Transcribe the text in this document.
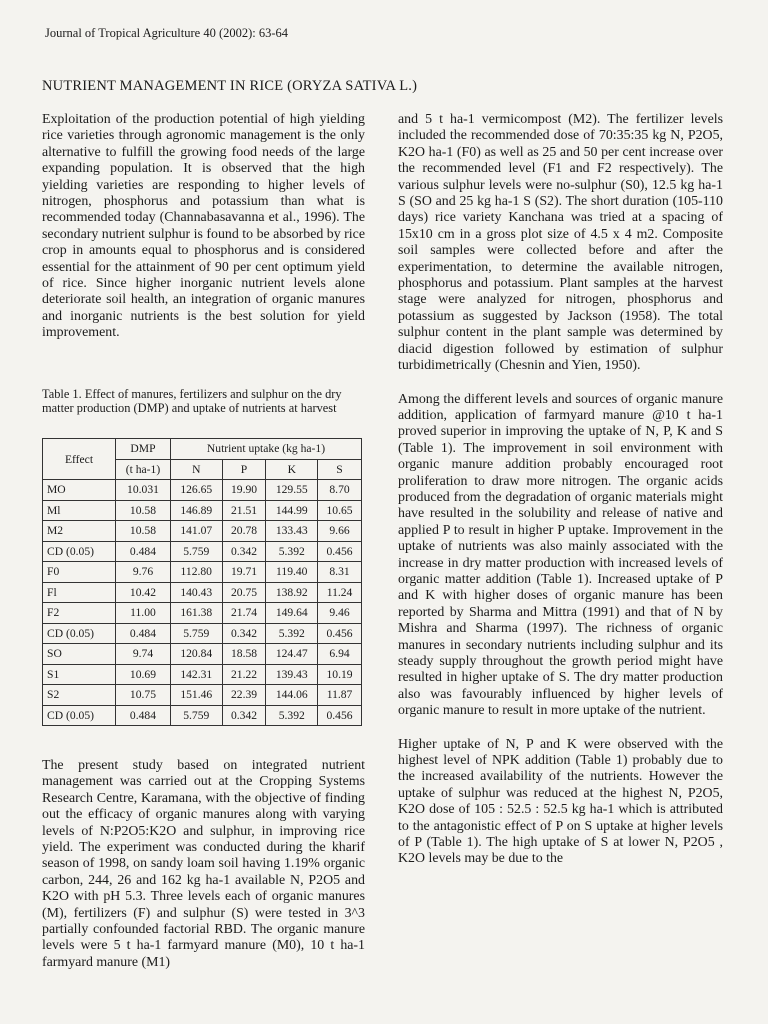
Journal of Tropical Agriculture 40 (2002): 63-64
NUTRIENT MANAGEMENT IN RICE (ORYZA SATIVA L.)

Exploitation of the production potential of high yielding rice varieties through agronomic management is the only alternative to fulfill the growing food needs of the large expanding population. It is observed that the high yielding varieties are responding to higher levels of nitrogen, phosphorus and potassium than what is recommended today (Channabasavanna et al., 1996). The secondary nutrient sulphur is found to be absorbed by rice crop in amounts equal to phosphorus and is considered essential for the attainment of 90 per cent optimum yield of rice. Since higher inorganic nutrient levels alone deteriorate soil health, an integration of organic manures and inorganic nutrients is the best solution for yield improvement.

Table 1. Effect of manures, fertilizers and sulphur on the dry matter production (DMP) and uptake of nutrients at harvest
Effect	DMP	Nutrient uptake (kg ha-1)			
	(t ha-1)	N	P	K	S
MO	10.031	126.65	19.90	129.55	8.70
Ml	10.58	146.89	21.51	144.99	10.65
M2	10.58	141.07	20.78	133.43	9.66
CD (0.05)	0.484	5.759	0.342	5.392	0.456
F0	9.76	112.80	19.71	119.40	8.31
Fl	10.42	140.43	20.75	138.92	11.24
F2	11.00	161.38	21.74	149.64	9.46
CD (0.05)	0.484	5.759	0.342	5.392	0.456
SO	9.74	120.84	18.58	124.47	6.94
S1	10.69	142.31	21.22	139.43	10.19
S2	10.75	151.46	22.39	144.06	11.87
CD (0.05)	0.484	5.759	0.342	5.392	0.456

The present study based on integrated nutrient management was carried out at the Cropping Systems Research Centre, Karamana, with the objective of finding out the efficacy of organic manures along with varying levels of N:P2O5:K2O and sulphur, in improving rice yield. The experiment was conducted during the kharif season of 1998, on sandy loam soil having 1.19% organic carbon, 244, 26 and 162 kg ha-1 available N, P2O5 and K2O with pH 5.3. Three levels each of organic manures (M), fertilizers (F) and sulphur (S) were tested in 3^3 partially confounded factorial RBD. The organic manure levels were 5 t ha-1 farmyard manure (M0), 10 t ha-1 farmyard manure (M1)

and 5 t ha-1 vermicompost (M2). The fertilizer levels included the recommended dose of 70:35:35 kg N, P2O5, K2O ha-1 (F0) as well as 25 and 50 per cent increase over the recommended level (F1 and F2 respectively). The various sulphur levels were no-sulphur (S0), 12.5 kg ha-1 S (SO and 25 kg ha-1 S (S2). The short duration (105-110 days) rice variety Kanchana was tried at a spacing of 15x10 cm in a gross plot size of 4.5 x 4 m2. Composite soil samples were collected before and after the experimentation, to determine the available nitrogen, phosphorus and potassium. Plant samples at the harvest stage were analyzed for nitrogen, phosphorus and potassium as suggested by Jackson (1958). The total sulphur content in the plant sample was determined by diacid digestion followed by estimation of sulphur turbidimetrically (Chesnin and Yien, 1950).

Among the different levels and sources of organic manure addition, application of farmyard manure @10 t ha-1 proved superior in improving the uptake of N, P, K and S (Table 1). The improvement in soil environment with organic manure addition probably encouraged root proliferation to draw more nitrogen. The organic acids produced from the degradation of organic materials might have resulted in the solubility and release of native and applied P to result in higher P uptake. Improvement in the uptake of nutrients was also mainly associated with the increase in dry matter production with increased levels of organic matter addition (Table 1). Increased uptake of P and K with higher doses of organic manure has been reported by Sharma and Mittra (1991) and that of N by Mishra and Sharma (1997). The richness of organic manures in secondary nutrients including sulphur and its steady supply throughout the growth period might have resulted in higher uptake of S. The dry matter production also was favourably influenced by higher levels of organic manure to result in more uptake of the nutrient.

Higher uptake of N, P and K were observed with the highest level of NPK addition (Table 1) probably due to the increased availability of the nutrients. However the uptake of sulphur was reduced at the highest N, P2O5, K2O dose of 105 : 52.5 : 52.5 kg ha-1 which is attributed to the antagonistic effect of P on S uptake at higher levels of P (Table 1). The high uptake of S at lower N, P2O5 , K2O levels may be due to the
